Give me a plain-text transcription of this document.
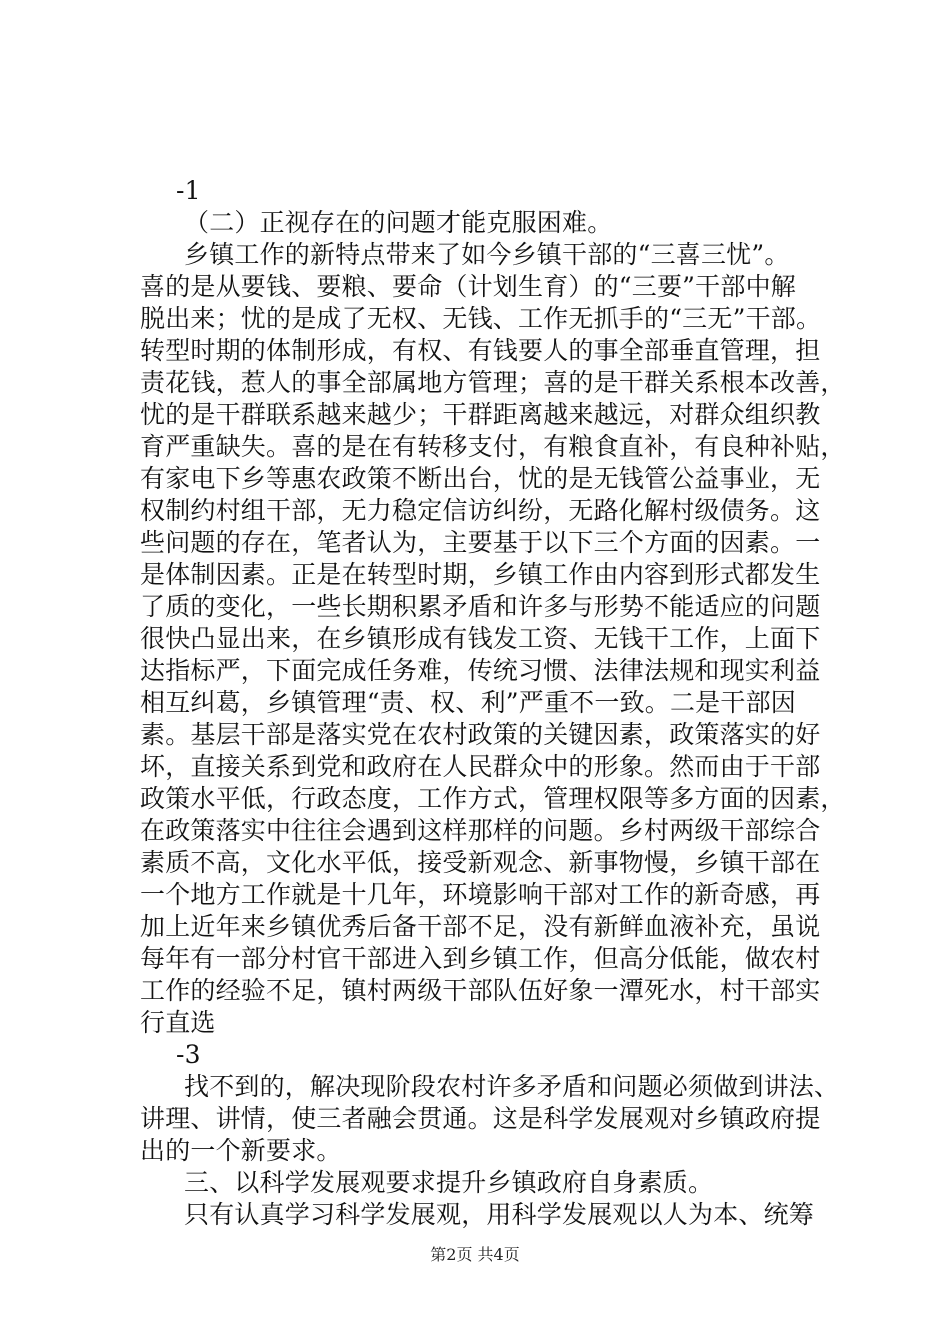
-1
（二）正视存在的问题才能克服困难。
乡镇工作的新特点带来了如今乡镇干部的“三喜三忧”。
喜的是从要钱、要粮、要命（计划生育）的“三要”干部中解
脱出来；忧的是成了无权、无钱、工作无抓手的“三无”干部。
转型时期的体制形成，有权、有钱要人的事全部垂直管理，担
责花钱，惹人的事全部属地方管理；喜的是干群关系根本改善，
忧的是干群联系越来越少；干群距离越来越远，对群众组织教
育严重缺失。喜的是在有转移支付，有粮食直补，有良种补贴，
有家电下乡等惠农政策不断出台，忧的是无钱管公益事业，无
权制约村组干部，无力稳定信访纠纷，无路化解村级债务。这
些问题的存在，笔者认为，主要基于以下三个方面的因素。一
是体制因素。正是在转型时期，乡镇工作由内容到形式都发生
了质的变化，一些长期积累矛盾和许多与形势不能适应的问题
很快凸显出来，在乡镇形成有钱发工资、无钱干工作，上面下
达指标严，下面完成任务难，传统习惯、法律法规和现实利益
相互纠葛，乡镇管理“责、权、利”严重不一致。二是干部因
素。基层干部是落实党在农村政策的关键因素，政策落实的好
坏，直接关系到党和政府在人民群众中的形象。然而由于干部
政策水平低，行政态度，工作方式，管理权限等多方面的因素，
在政策落实中往往会遇到这样那样的问题。乡村两级干部综合
素质不高，文化水平低，接受新观念、新事物慢，乡镇干部在
一个地方工作就是十几年，环境影响干部对工作的新奇感，再
加上近年来乡镇优秀后备干部不足，没有新鲜血液补充，虽说
每年有一部分村官干部进入到乡镇工作，但高分低能，做农村
工作的经验不足，镇村两级干部队伍好象一潭死水，村干部实
行直选
-3
找不到的，解决现阶段农村许多矛盾和问题必须做到讲法、
讲理、讲情，使三者融会贯通。这是科学发展观对乡镇政府提
出的一个新要求。
三、以科学发展观要求提升乡镇政府自身素质。
只有认真学习科学发展观，用科学发展观以人为本、统筹
第2页 共4页
